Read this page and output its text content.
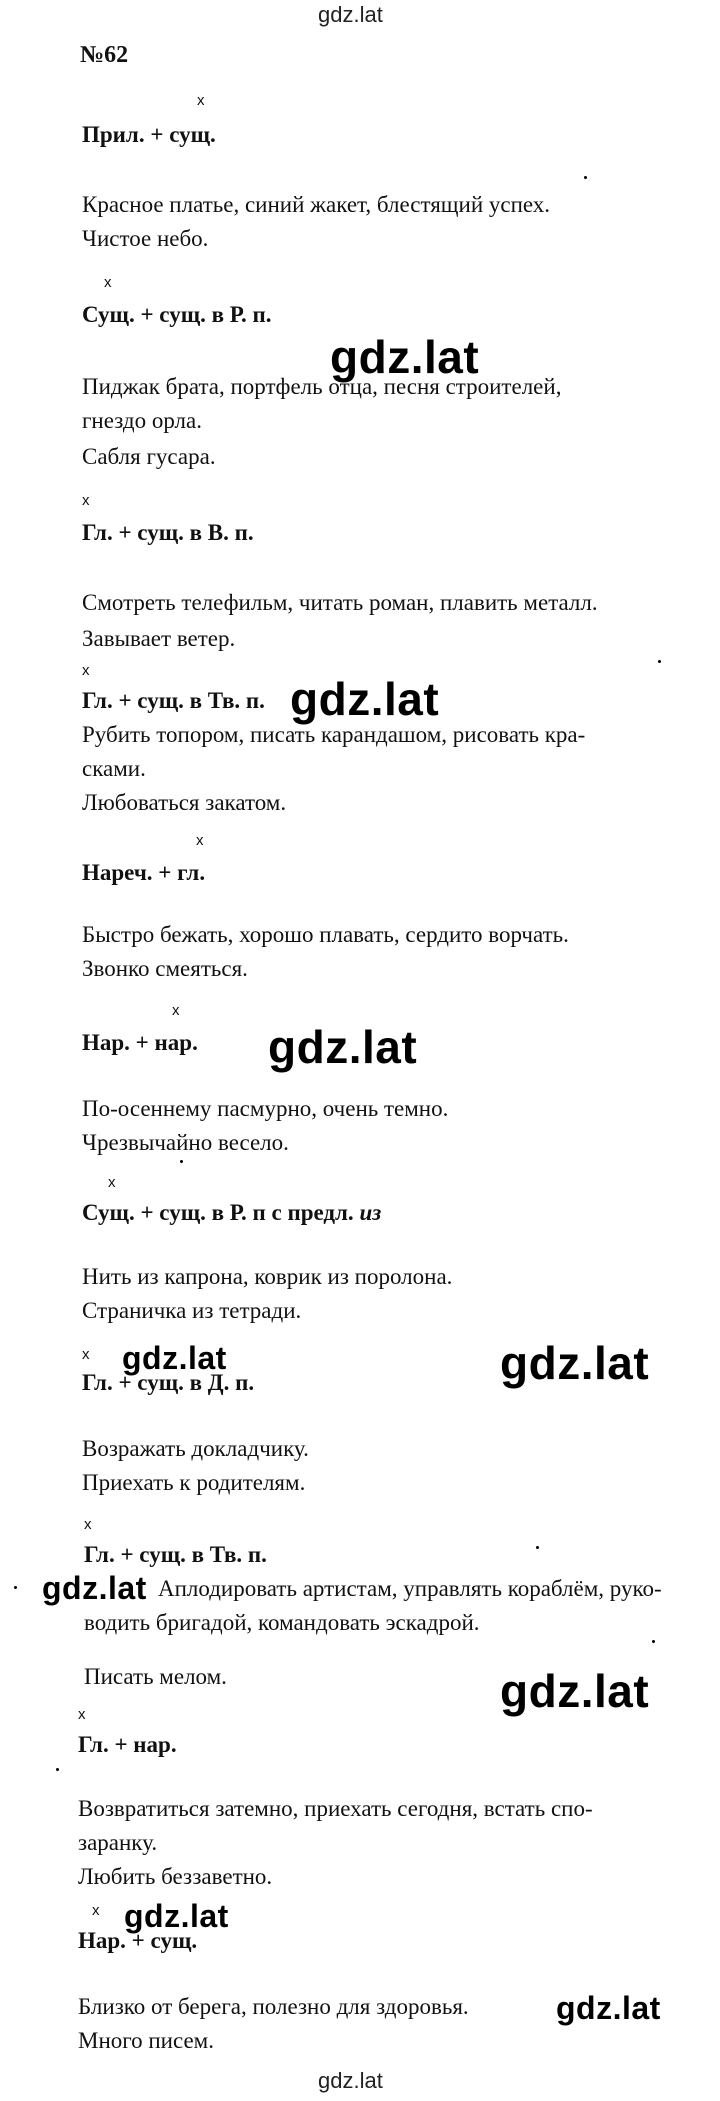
gdz.lat
gdz.lat
№62
x
Прил. + сущ.
Красное платье, синий жакет, блестящий успех.
Чистое небо.
x
Сущ. + сущ. в Р. п.
Пиджак брата, портфель отца, песня строителей,
гнездо орла.
Сабля гусара.
x
Гл. + сущ. в В. п.
Смотреть телефильм, читать роман, плавить металл.
Завывает ветер.
x
Гл. + сущ. в Тв. п.
Рубить топором, писать карандашом, рисовать кра-
сками.
Любоваться закатом.
x
Нареч. + гл.
Быстро бежать, хорошо плавать, сердито ворчать.
Звонко смеяться.
x
Нар. + нар.
По-осеннему пасмурно, очень темно.
Чрезвычайно весело.
x
Сущ. + сущ. в Р. п с предл. из
Нить из капрона, коврик из поролона.
Страничка из тетради.
x
Гл. + сущ. в Д. п.
Возражать докладчику.
Приехать к родителям.
x
Гл. + сущ. в Тв. п.
Аплодировать артистам, управлять кораблём, руко-
водить бригадой, командовать эскадрой.
Писать мелом.
x
Гл. + нар.
Возвратиться затемно, приехать сегодня, встать спо-
заранку.
Любить беззаветно.
x
Нар. + сущ.
Близко от берега, полезно для здоровья.
Много писем.
gdz.lat
gdz.lat
gdz.lat
gdz.lat	gdz.lat
gdz.lat
gdz.lat
gdz.lat
gdz.lat
